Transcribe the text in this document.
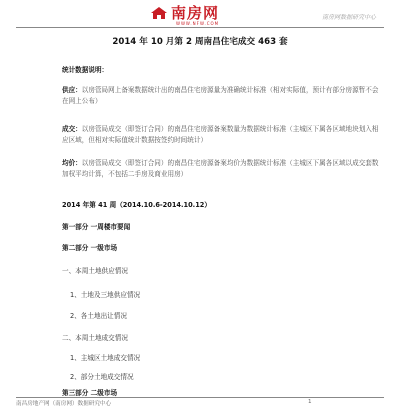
南房网
WWW.NFW.COM
南房网数据研究中心
2014 年 10 月第 2 周南昌住宅成交 463 套
统计数据说明：
供应：以房管局网上备案数据统计出的南昌住宅房源量为准确统计标准（相对实际值，预计有部分房源暂不会在网上公布）
成交：以房管局成交（即签订合同）的南昌住宅房源备案数量为数据统计标准（主城区下属各区域地块划入相应区域，但相对实际值统计数据按签约时间统计）
均价：以房管局成交（即签订合同）的南昌住宅房源备案均价为数据统计标准（主城区下属各区域以成交套数加权平均计算，不包括二手房及商业用房）
2014 年第 41 周（2014.10.6-2014.10.12）
第一部分 一周楼市要闻
第二部分 一级市场
一、本周土地供应情况
1、土地及三地供应情况
2、各土地出让情况
二、本周土地成交情况
1、主城区土地成交情况
2、部分土地成交情况
第三部分 二级市场
南昌房地产网（南房网）数据研究中心	1
